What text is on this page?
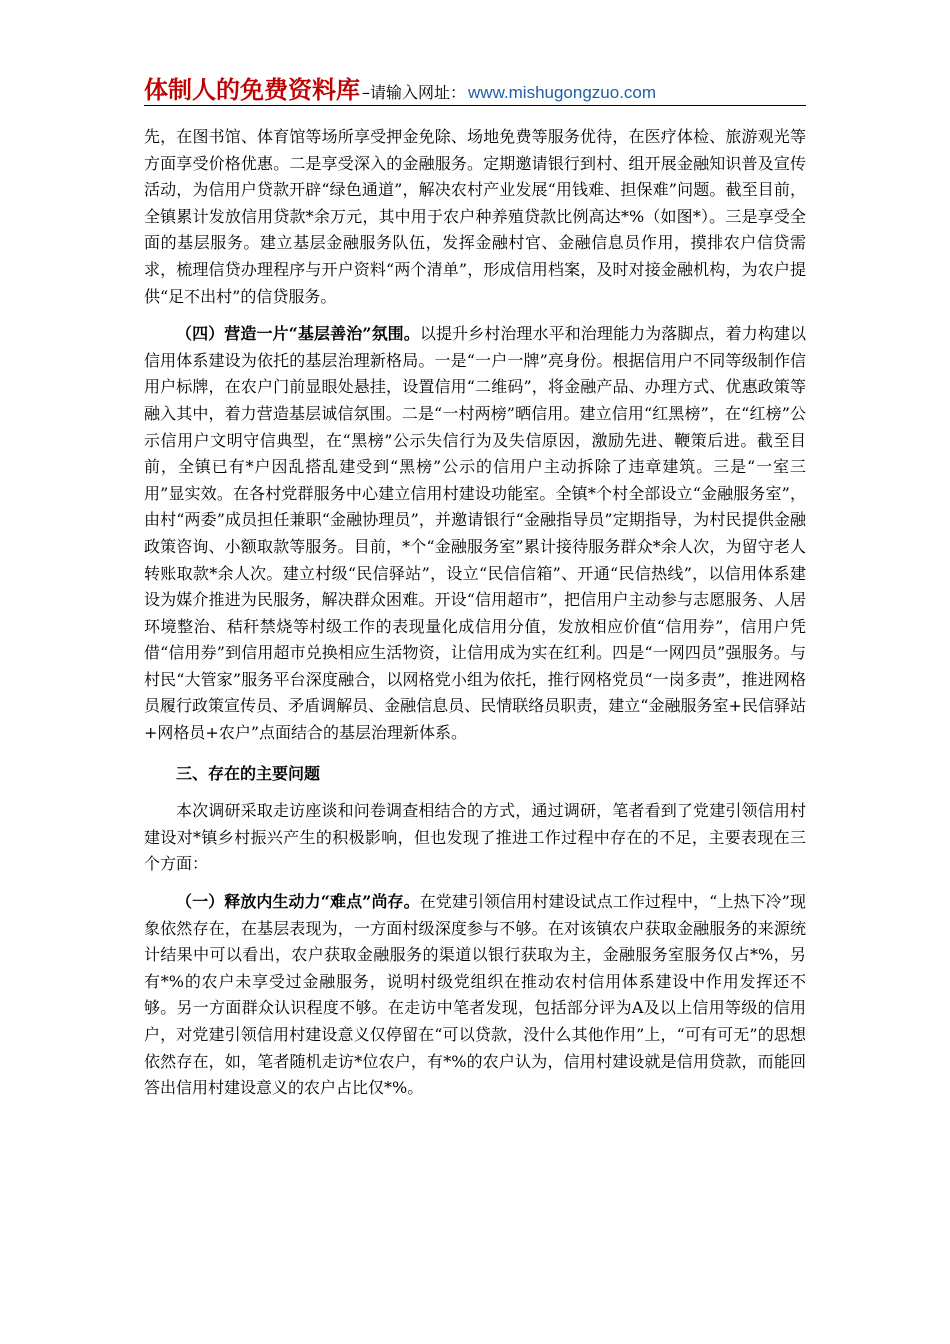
体制人的免费资料库 –请输入网址： www.mishugongzuo.com

先，在图书馆、体育馆等场所享受押金免除、场地免费等服务优待，在医疗体检、旅游观光等方面享受价格优惠。二是享受深入的金融服务。定期邀请银行到村、组开展金融知识普及宣传活动，为信用户贷款开辟“绿色通道”，解决农村产业发展“用钱难、担保难”问题。截至目前，全镇累计发放信用贷款*余万元，其中用于农户种养殖贷款比例高达*%（如图*）。三是享受全面的基层服务。建立基层金融服务队伍，发挥金融村官、金融信息员作用，摸排农户信贷需求，梳理信贷办理程序与开户资料“两个清单”，形成信用档案，及时对接金融机构，为农户提供“足不出村”的信贷服务。

（四）营造一片“基层善治”氛围。以提升乡村治理水平和治理能力为落脚点，着力构建以信用体系建设为依托的基层治理新格局。一是“一户一牌”亮身份。根据信用户不同等级制作信用户标牌，在农户门前显眼处悬挂，设置信用“二维码”，将金融产品、办理方式、优惠政策等融入其中，着力营造基层诚信氛围。二是“一村两榜”晒信用。建立信用“红黑榜”，在“红榜”公示信用户文明守信典型，在“黑榜”公示失信行为及失信原因，激励先进、鞭策后进。截至目前，全镇已有*户因乱搭乱建受到“黑榜”公示的信用户主动拆除了违章建筑。三是“一室三用”显实效。在各村党群服务中心建立信用村建设功能室。全镇*个村全部设立“金融服务室”，由村“两委”成员担任兼职“金融协理员”，并邀请银行“金融指导员”定期指导，为村民提供金融政策咨询、小额取款等服务。目前，*个“金融服务室”累计接待服务群众*余人次，为留守老人转账取款*余人次。建立村级“民信驿站”，设立“民信信箱”、开通“民信热线”，以信用体系建设为媒介推进为民服务，解决群众困难。开设“信用超市”，把信用户主动参与志愿服务、人居环境整治、秸秆禁烧等村级工作的表现量化成信用分值，发放相应价值“信用券”，信用户凭借“信用券”到信用超市兑换相应生活物资，让信用成为实在红利。四是“一网四员”强服务。与村民“大管家”服务平台深度融合，以网格党小组为依托，推行网格党员“一岗多责”，推进网格员履行政策宣传员、矛盾调解员、金融信息员、民情联络员职责，建立“金融服务室+民信驿站+网格员+农户”点面结合的基层治理新体系。

三、存在的主要问题

本次调研采取走访座谈和问卷调查相结合的方式，通过调研，笔者看到了党建引领信用村建设对*镇乡村振兴产生的积极影响，但也发现了推进工作过程中存在的不足，主要表现在三个方面：

（一）释放内生动力“难点”尚存。在党建引领信用村建设试点工作过程中，“上热下冷”现象依然存在，在基层表现为，一方面村级深度参与不够。在对该镇农户获取金融服务的来源统计结果中可以看出，农户获取金融服务的渠道以银行获取为主，金融服务室服务仅占*%，另有*%的农户未享受过金融服务，说明村级党组织在推动农村信用体系建设中作用发挥还不够。另一方面群众认识程度不够。在走访中笔者发现，包括部分评为A及以上信用等级的信用户，对党建引领信用村建设意义仅停留在“可以贷款，没什么其他作用”上，“可有可无”的思想依然存在，如，笔者随机走访*位农户，有*%的农户认为，信用村建设就是信用贷款，而能回答出信用村建设意义的农户占比仅*%。
